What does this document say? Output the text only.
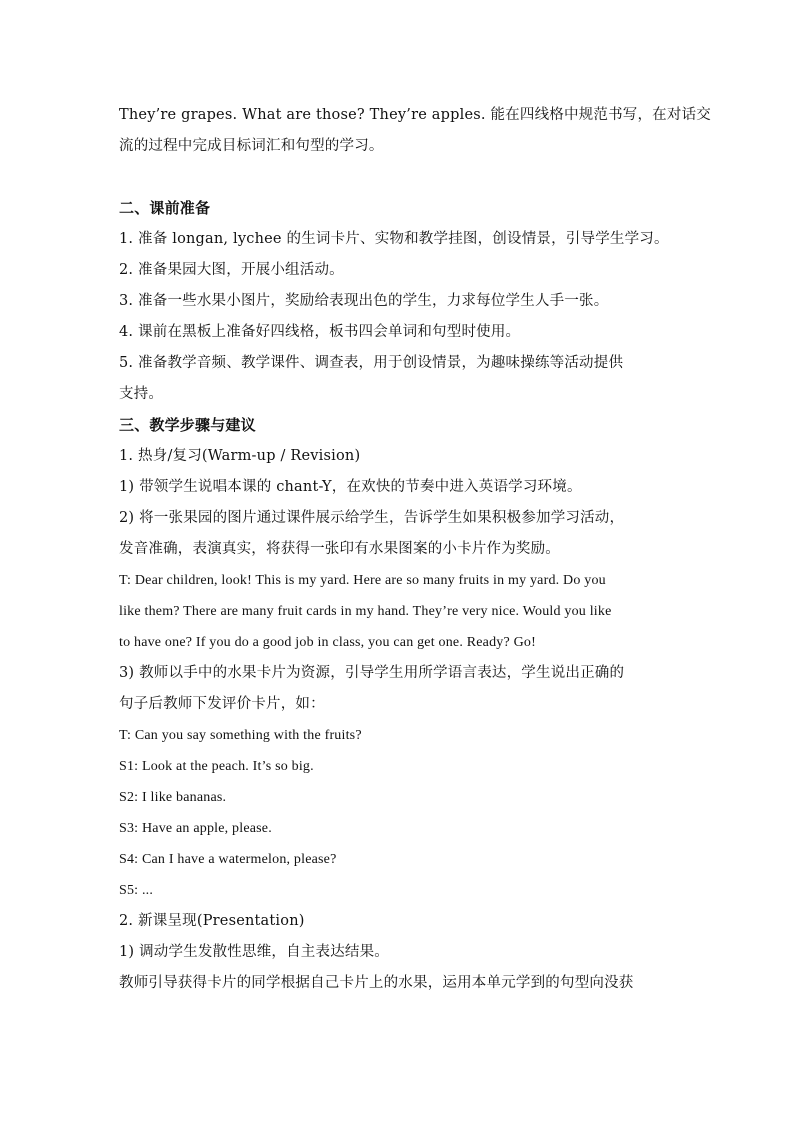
They’re grapes. What are those? They’re apples. 能在四线格中规范书写，在对话交
流的过程中完成目标词汇和句型的学习。
二、课前准备
1. 准备 longan, lychee 的生词卡片、实物和教学挂图，创设情景，引导学生学习。
2. 准备果园大图，开展小组活动。
3. 准备一些水果小图片，奖励给表现出色的学生，力求每位学生人手一张。
4. 课前在黑板上准备好四线格，板书四会单词和句型时使用。
5. 准备教学音频、教学课件、调查表，用于创设情景，为趣味操练等活动提供
支持。
三、教学步骤与建议
1. 热身/复习(Warm-up / Revision)
1) 带领学生说唱本课的 chant-Y，在欢快的节奏中进入英语学习环境。
2) 将一张果园的图片通过课件展示给学生，告诉学生如果积极参加学习活动，
发音准确，表演真实，将获得一张印有水果图案的小卡片作为奖励。
T: Dear children, look! This is my yard. Here are so many fruits in my yard. Do you
like them? There are many fruit cards in my hand. They’re very nice. Would you like
to have one? If you do a good job in class, you can get one. Ready? Go!
3) 教师以手中的水果卡片为资源，引导学生用所学语言表达，学生说出正确的
句子后教师下发评价卡片，如：
T: Can you say something with the fruits?
S1: Look at the peach. It’s so big.
S2: I like bananas.
S3: Have an apple, please.
S4: Can I have a watermelon, please?
S5: ...
2. 新课呈现(Presentation)
1) 调动学生发散性思维，自主表达结果。
教师引导获得卡片的同学根据自己卡片上的水果，运用本单元学到的句型向没获
